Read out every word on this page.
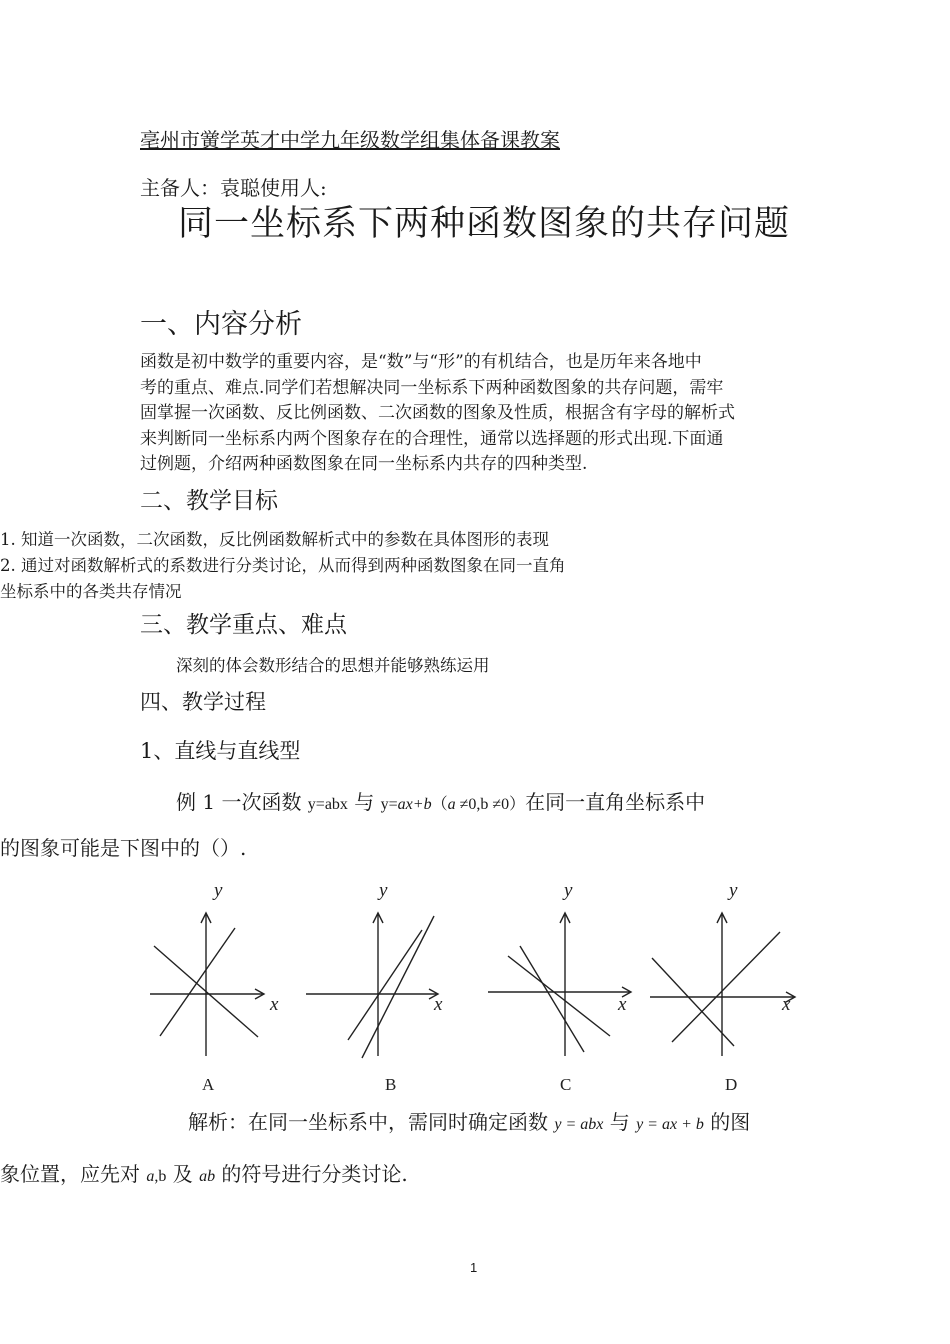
亳州市黉学英才中学九年级数学组集体备课教案
主备人：袁聪使用人:
同一坐标系下两种函数图象的共存问题
一、内容分析
函数是初中数学的重要内容，是“数”与“形”的有机结合，也是历年来各地中
考的重点、难点.同学们若想解决同一坐标系下两种函数图象的共存问题，需牢
固掌握一次函数、反比例函数、二次函数的图象及性质，根据含有字母的解析式
来判断同一坐标系内两个图象存在的合理性，通常以选择题的形式出现.下面通
过例题，介绍两种函数图象在同一坐标系内共存的四种类型.
二、教学目标
1. 知道一次函数，二次函数，反比例函数解析式中的参数在具体图形的表现
2. 通过对函数解析式的系数进行分类讨论，从而得到两种函数图象在同一直角
坐标系中的各类共存情况
三、教学重点、难点
深刻的体会数形结合的思想并能够熟练运用
四、教学过程
1、直线与直线型
例 1 一次函数 y=abx 与 y=ax+b（a ≠0,b ≠0）在同一直角坐标系中
的图象可能是下图中的（）.
y
x
y
x
y
x
y
x
A	B	C	D
解析：在同一坐标系中，需同时确定函数 y = abx 与 y = ax + b 的图
象位置，应先对 a,b 及 ab 的符号进行分类讨论.
1
